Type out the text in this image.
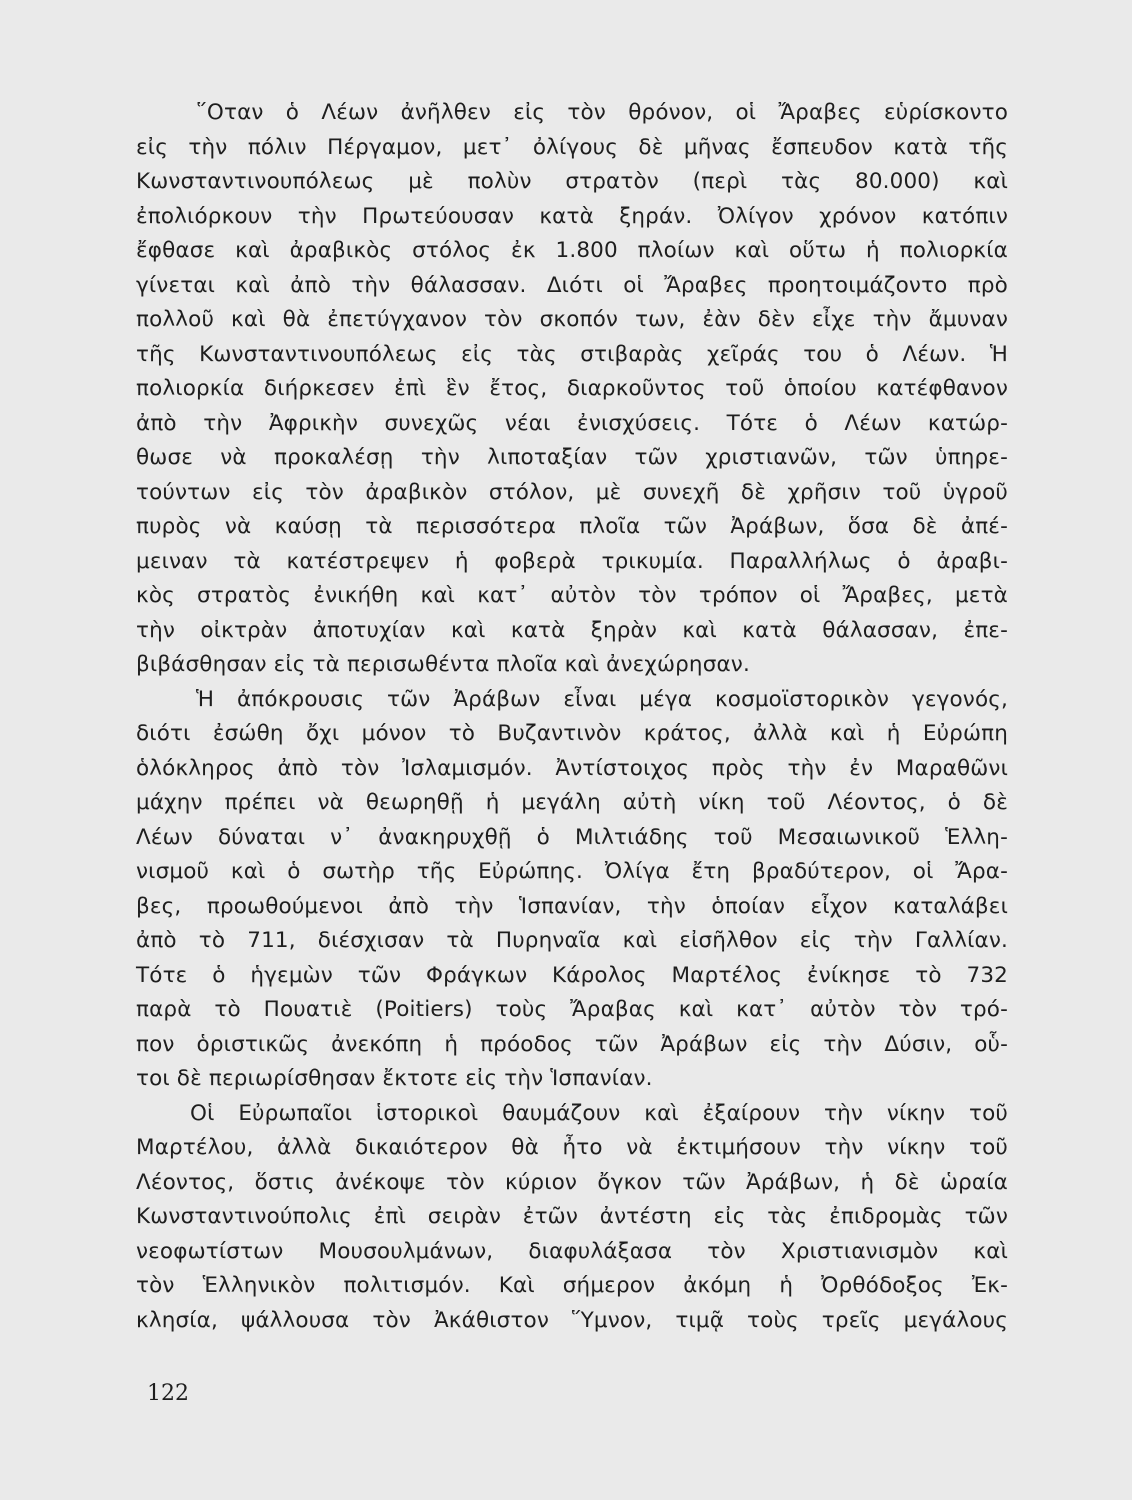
῞Οταν ὁ Λέων ἀνῆλθεν εἰς τὸν θρόνον, οἱ Ἄραβες εὑρίσκοντο
εἰς τὴν πόλιν Πέργαμον, μετ᾽ ὀλίγους δὲ μῆνας ἔσπευδον κατὰ τῆς
Κωνσταντινουπόλεως μὲ πολὺν στρατὸν (περὶ τὰς 80.000) καὶ
ἐπολιόρκουν τὴν Πρωτεύουσαν κατὰ ξηράν. Ὀλίγον χρόνον κατόπιν
ἔφθασε καὶ ἀραβικὸς στόλος ἐκ 1.800 πλοίων καὶ οὕτω ἡ πολιορκία
γίνεται καὶ ἀπὸ τὴν θάλασσαν. Διότι οἱ Ἄραβες προητοιμάζοντο πρὸ
πολλοῦ καὶ θὰ ἐπετύγχανον τὸν σκοπόν των, ἐὰν δὲν εἶχε τὴν ἄμυναν
τῆς Κωνσταντινουπόλεως εἰς τὰς στιβαρὰς χεῖράς του ὁ Λέων. Ἡ
πολιορκία διήρκεσεν ἐπὶ ἓν ἔτος, διαρκοῦντος τοῦ ὁποίου κατέφθανον
ἀπὸ τὴν Ἀφρικὴν συνεχῶς νέαι ἐνισχύσεις. Τότε ὁ Λέων κατώρ-
θωσε νὰ προκαλέσῃ τὴν λιποταξίαν τῶν χριστιανῶν, τῶν ὑπηρε-
τούντων εἰς τὸν ἀραβικὸν στόλον, μὲ συνεχῆ δὲ χρῆσιν τοῦ ὑγροῦ
πυρὸς νὰ καύσῃ τὰ περισσότερα πλοῖα τῶν Ἀράβων, ὅσα δὲ ἀπέ-
μειναν τὰ κατέστρεψεν ἡ φοβερὰ τρικυμία. Παραλλήλως ὁ ἀραβι-
κὸς στρατὸς ἐνικήθη καὶ κατ᾽ αὐτὸν τὸν τρόπον οἱ Ἄραβες, μετὰ
τὴν οἰκτρὰν ἀποτυχίαν καὶ κατὰ ξηρὰν καὶ κατὰ θάλασσαν, ἐπε-
βιβάσθησαν εἰς τὰ περισωθέντα πλοῖα καὶ ἀνεχώρησαν.
Ἡ ἀπόκρουσις τῶν Ἀράβων εἶναι μέγα κοσμοϊστορικὸν γεγονός,
διότι ἐσώθη ὄχι μόνον τὸ Βυζαντινὸν κράτος, ἀλλὰ καὶ ἡ Εὐρώπη
ὁλόκληρος ἀπὸ τὸν Ἰσλαμισμόν. Ἀντίστοιχος πρὸς τὴν ἐν Μαραθῶνι
μάχην πρέπει νὰ θεωρηθῇ ἡ μεγάλη αὐτὴ νίκη τοῦ Λέοντος, ὁ δὲ
Λέων δύναται ν᾽ ἀνακηρυχθῇ ὁ Μιλτιάδης τοῦ Μεσαιωνικοῦ Ἑλλη-
νισμοῦ καὶ ὁ σωτὴρ τῆς Εὐρώπης. Ὀλίγα ἔτη βραδύτερον, οἱ Ἄρα-
βες, προωθούμενοι ἀπὸ τὴν Ἱσπανίαν, τὴν ὁποίαν εἶχον καταλάβει
ἀπὸ τὸ 711, διέσχισαν τὰ Πυρηναῖα καὶ εἰσῆλθον εἰς τὴν Γαλλίαν.
Τότε ὁ ἡγεμὼν τῶν Φράγκων Κάρολος Μαρτέλος ἐνίκησε τὸ 732
παρὰ τὸ Πουατιὲ (Poitiers) τοὺς Ἄραβας καὶ κατ᾽ αὐτὸν τὸν τρό-
πον ὁριστικῶς ἀνεκόπη ἡ πρόοδος τῶν Ἀράβων εἰς τὴν Δύσιν, οὗ-
τοι δὲ περιωρίσθησαν ἔκτοτε εἰς τὴν Ἱσπανίαν.
Οἱ Εὐρωπαῖοι ἱστορικοὶ θαυμάζουν καὶ ἐξαίρουν τὴν νίκην τοῦ
Μαρτέλου, ἀλλὰ δικαιότερον θὰ ἦτο νὰ ἐκτιμήσουν τὴν νίκην τοῦ
Λέοντος, ὅστις ἀνέκοψε τὸν κύριον ὄγκον τῶν Ἀράβων, ἡ δὲ ὡραία
Κωνσταντινούπολις ἐπὶ σειρὰν ἐτῶν ἀντέστη εἰς τὰς ἐπιδρομὰς τῶν
νεοφωτίστων Μουσουλμάνων, διαφυλάξασα τὸν Χριστιανισμὸν καὶ
τὸν Ἑλληνικὸν πολιτισμόν. Καὶ σήμερον ἀκόμη ἡ Ὀρθόδοξος Ἐκ-
κλησία, ψάλλουσα τὸν Ἀκάθιστον Ὕμνον, τιμᾷ τοὺς τρεῖς μεγάλους
122
